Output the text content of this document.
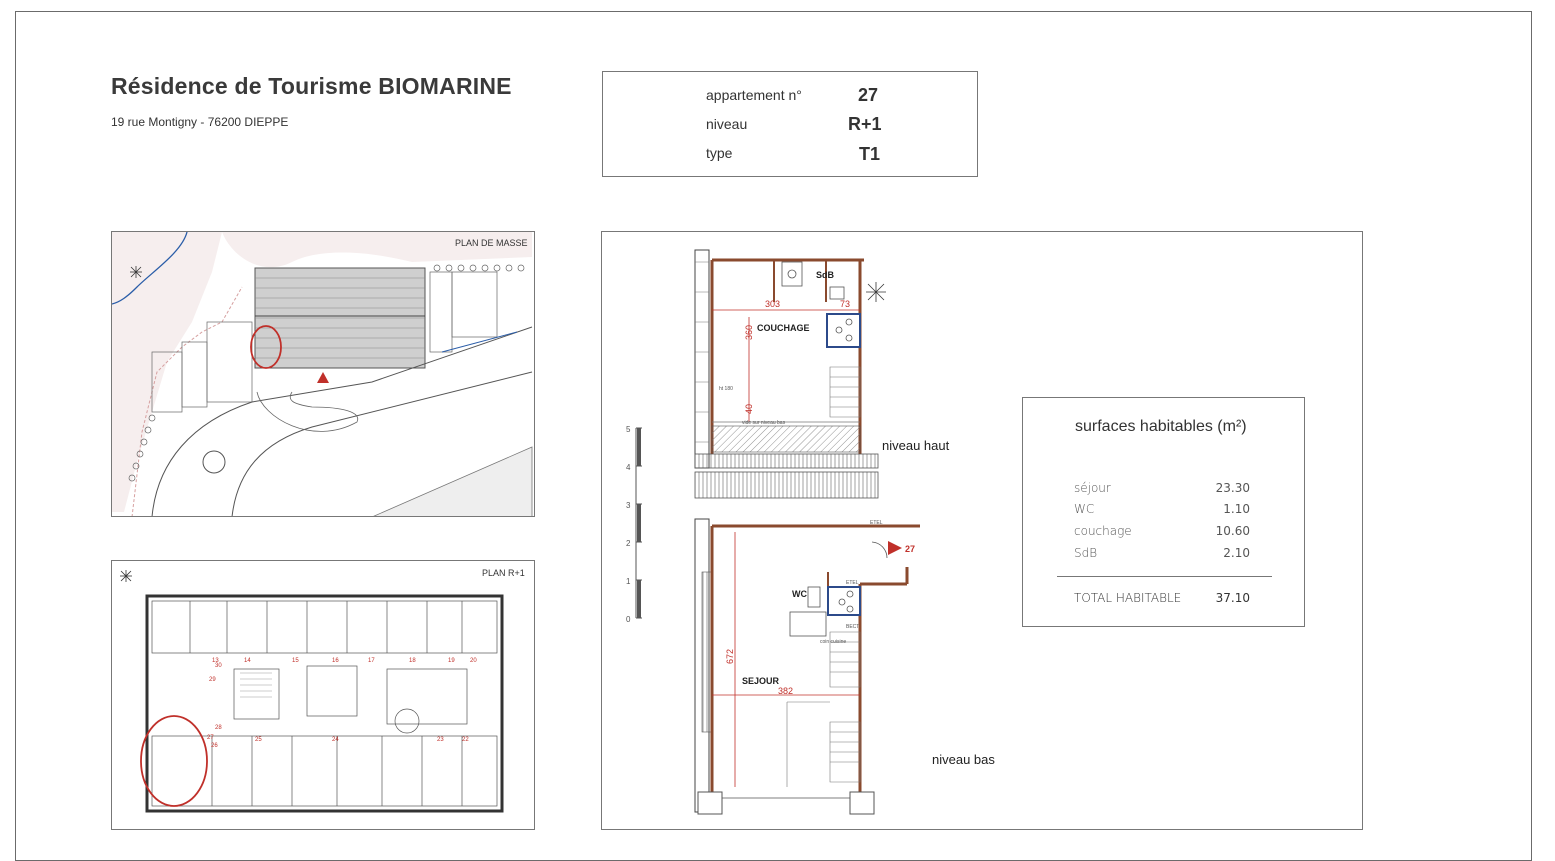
Résidence de Tourisme BIOMARINE
19 rue Montigny - 76200 DIEPPE
appartement n°	27
niveau	R+1
type	T1
PLAN DE MASSE
13	14	15	16	17	18	19	20
22
23
24
25
26
27
28
29
30
PLAN R+1
0
1
2
3
4
5
303	73
360
40
SdB
COUCHAGE
ht 180
vide sur niveau bas
27
672
382
WC
SEJOUR
coin cuisine
ETEL
BECT
ETEL
niveau haut
niveau bas
surfaces habitables (m²)
séjour	23.30
WC	1.10
couchage	10.60
SdB	2.10
TOTAL HABITABLE	37.10
